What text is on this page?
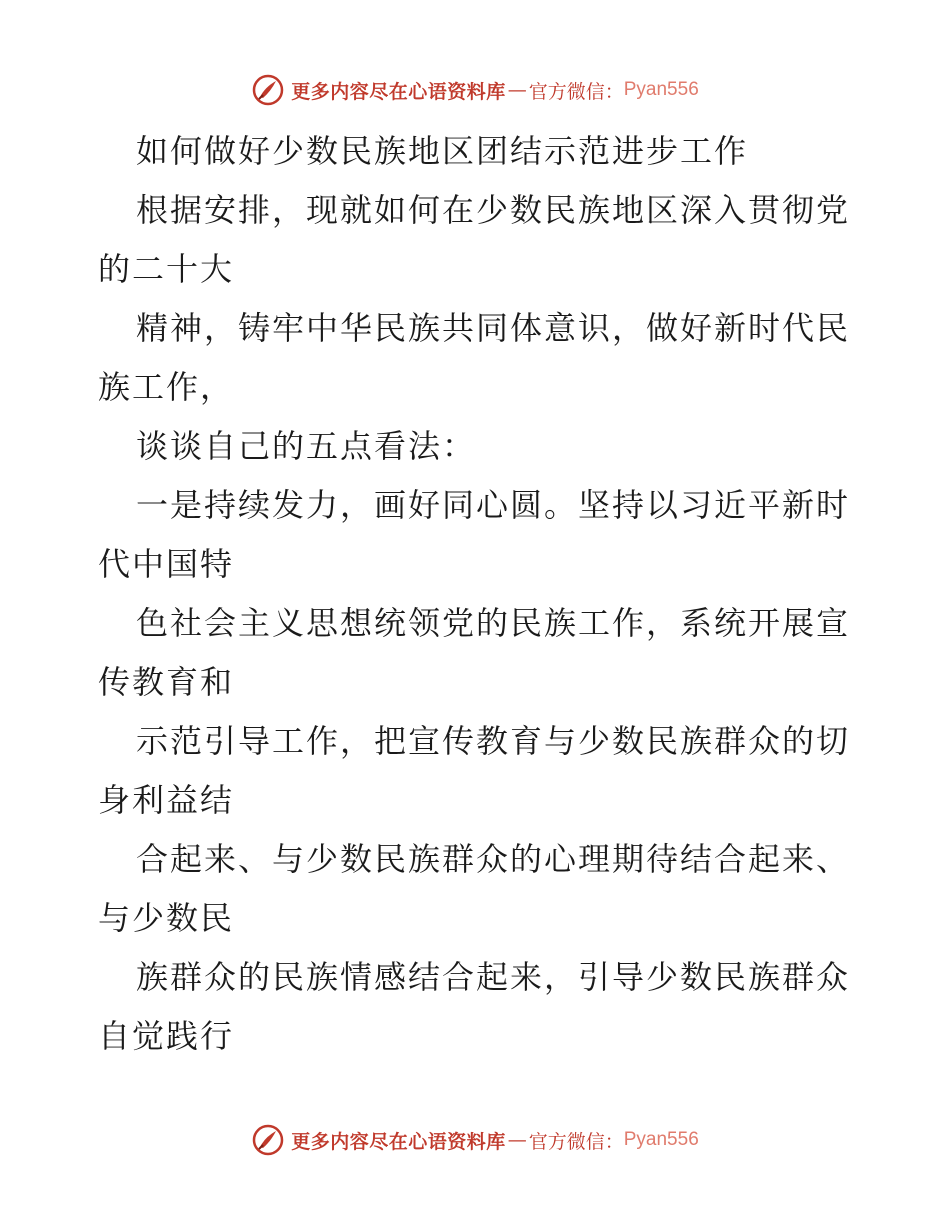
更多内容尽在心语资料库 — 官方微信： Pyan556
如何做好少数民族地区团结示范进步工作
根据安排，现就如何在少数民族地区深入贯彻党
的二十大
精神，铸牢中华民族共同体意识，做好新时代民
族工作，
谈谈自己的五点看法：
一是持续发力，画好同心圆。坚持以习近平新时
代中国特
色社会主义思想统领党的民族工作，系统开展宣
传教育和
示范引导工作，把宣传教育与少数民族群众的切
身利益结
合起来、与少数民族群众的心理期待结合起来、
与少数民
族群众的民族情感结合起来，引导少数民族群众
自觉践行
更多内容尽在心语资料库 — 官方微信： Pyan556
